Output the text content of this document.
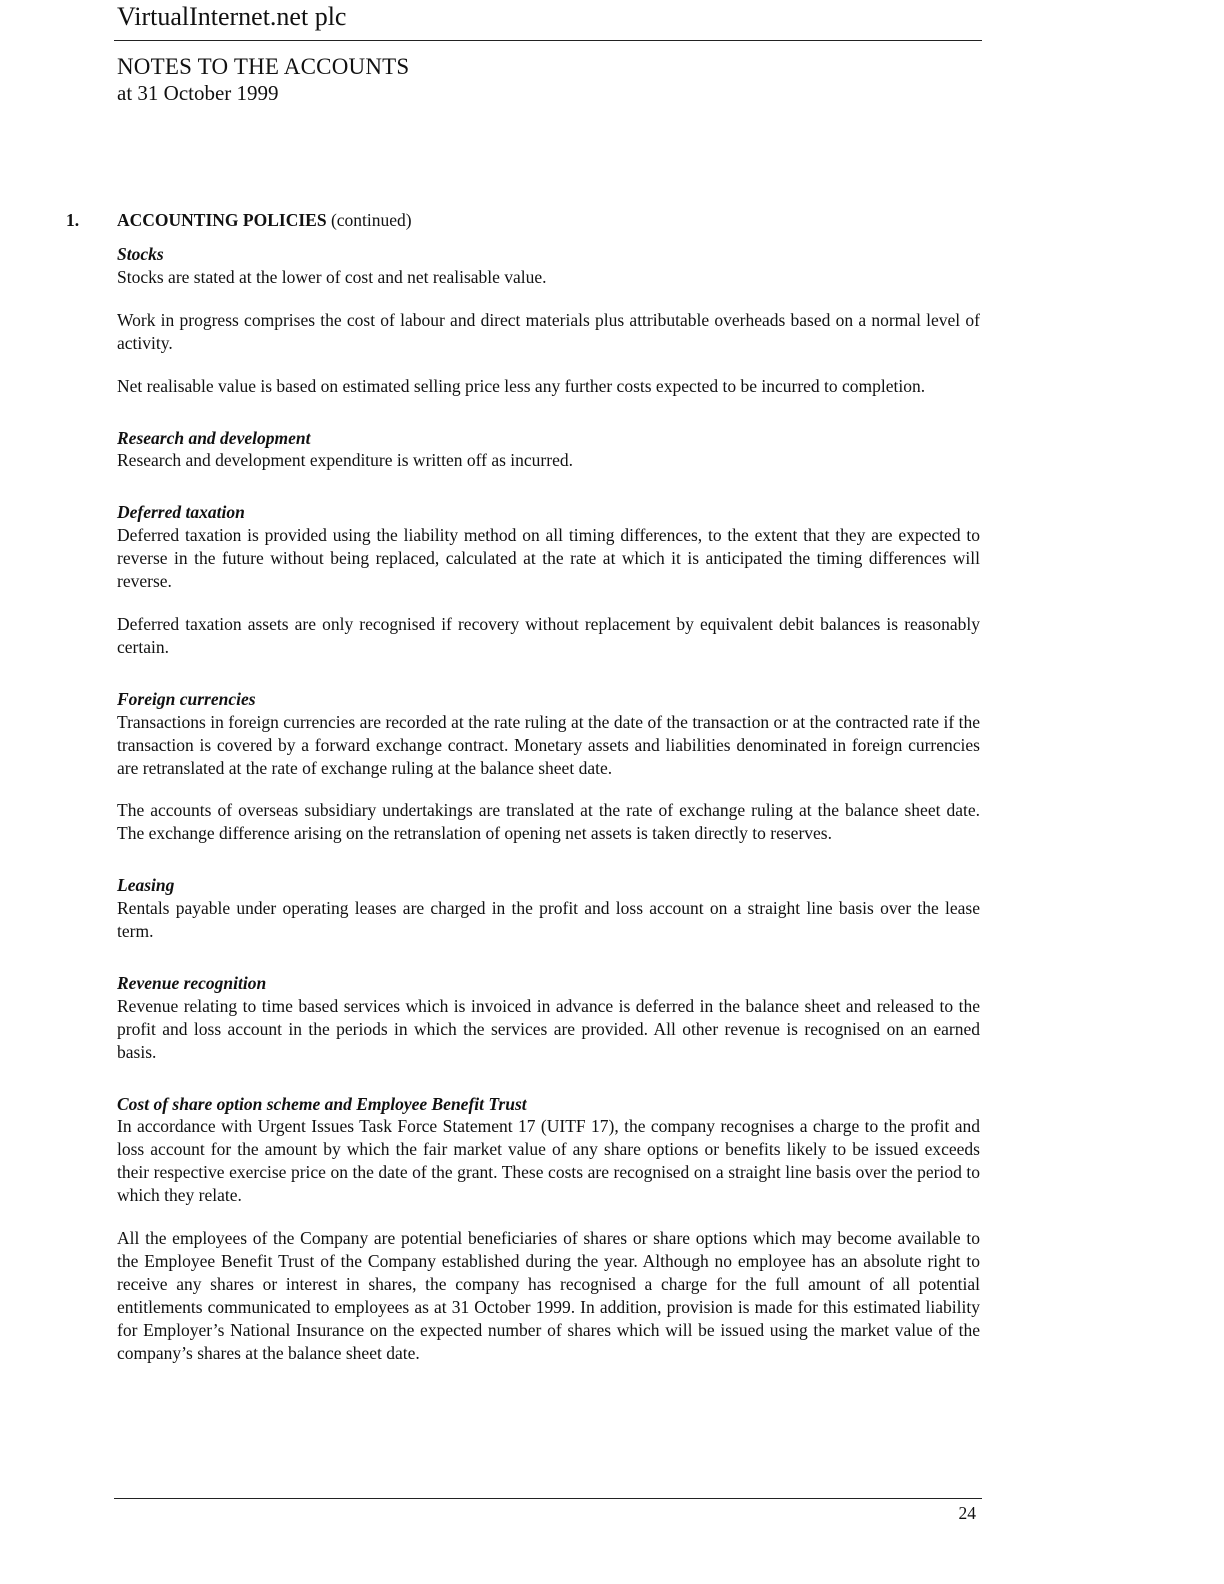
VirtualInternet.net plc
NOTES TO THE ACCOUNTS
at 31 October 1999
1. ACCOUNTING POLICIES (continued)

Stocks

Stocks are stated at the lower of cost and net realisable value.

Work in progress comprises the cost of labour and direct materials plus attributable overheads based on a normal level of activity.

Net realisable value is based on estimated selling price less any further costs expected to be incurred to completion.

Research and development

Research and development expenditure is written off as incurred.

Deferred taxation

Deferred taxation is provided using the liability method on all timing differences, to the extent that they are expected to reverse in the future without being replaced, calculated at the rate at which it is anticipated the timing differences will reverse.

Deferred taxation assets are only recognised if recovery without replacement by equivalent debit balances is reasonably certain.

Foreign currencies

Transactions in foreign currencies are recorded at the rate ruling at the date of the transaction or at the contracted rate if the transaction is covered by a forward exchange contract. Monetary assets and liabilities denominated in foreign currencies are retranslated at the rate of exchange ruling at the balance sheet date.

The accounts of overseas subsidiary undertakings are translated at the rate of exchange ruling at the balance sheet date. The exchange difference arising on the retranslation of opening net assets is taken directly to reserves.

Leasing

Rentals payable under operating leases are charged in the profit and loss account on a straight line basis over the lease term.

Revenue recognition

Revenue relating to time based services which is invoiced in advance is deferred in the balance sheet and released to the profit and loss account in the periods in which the services are provided. All other revenue is recognised on an earned basis.

Cost of share option scheme and Employee Benefit Trust

In accordance with Urgent Issues Task Force Statement 17 (UITF 17), the company recognises a charge to the profit and loss account for the amount by which the fair market value of any share options or benefits likely to be issued exceeds their respective exercise price on the date of the grant. These costs are recognised on a straight line basis over the period to which they relate.

All the employees of the Company are potential beneficiaries of shares or share options which may become available to the Employee Benefit Trust of the Company established during the year. Although no employee has an absolute right to receive any shares or interest in shares, the company has recognised a charge for the full amount of all potential entitlements communicated to employees as at 31 October 1999. In addition, provision is made for this estimated liability for Employer’s National Insurance on the expected number of shares which will be issued using the market value of the company’s shares at the balance sheet date.

24
